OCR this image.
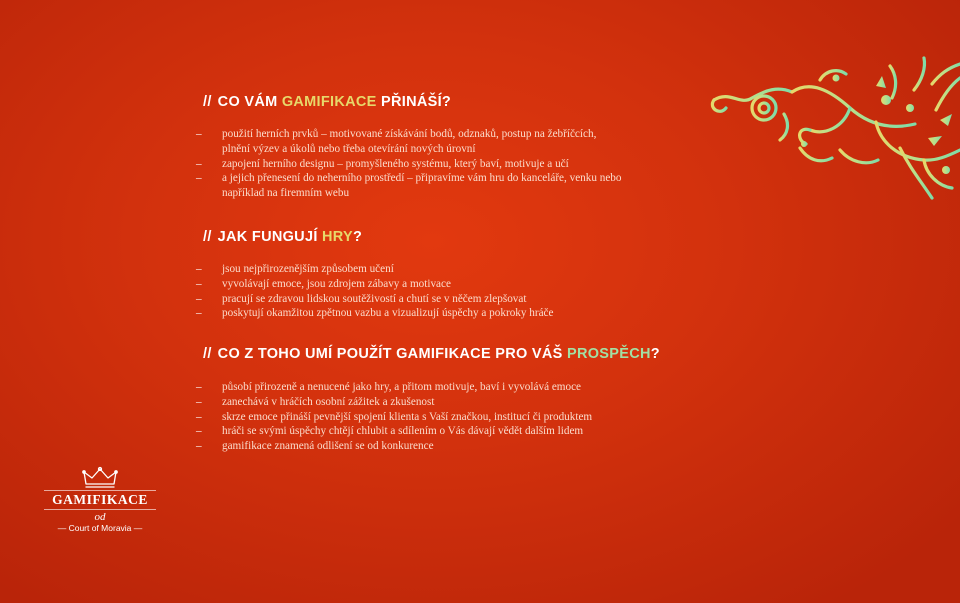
// CO VÁM GAMIFIKACE PŘINÁŠÍ?
– použití herních prvků – motivované získávání bodů, odznaků, postup na žebříčcích, plnění výzev a úkolů nebo třeba otevírání nových úrovní
– zapojení herního designu – promyšleného systému, který baví, motivuje a učí
– a jejich přenesení do neherního prostředí – připravíme vám hru do kanceláře, venku nebo například na firemním webu
// JAK FUNGUJÍ HRY?
– jsou nejpřirozenějším způsobem učení
– vyvolávají emoce, jsou zdrojem zábavy a motivace
– pracují se zdravou lidskou soutěživostí a chutí se v něčem zlepšovat
– poskytují okamžitou zpětnou vazbu a vizualizují úspěchy a pokroky hráče
// CO Z TOHO UMÍ POUŽÍT GAMIFIKACE PRO VÁŠ PROSPĚCH?
– působí přirozeně a nenucené jako hry, a přitom motivuje, baví i vyvolává emoce
– zanechává v hráčích osobní zážitek a zkušenost
– skrze emoce přináší pevnější spojení klienta s Vaší značkou, institucí či produktem
– hráči se svými úspěchy chtějí chlubit a sdílením o Vás dávají vědět dalším lidem
– gamifikace znamená odlišení se od konkurence
GAMIFIKACE
od
— Court of Moravia —
